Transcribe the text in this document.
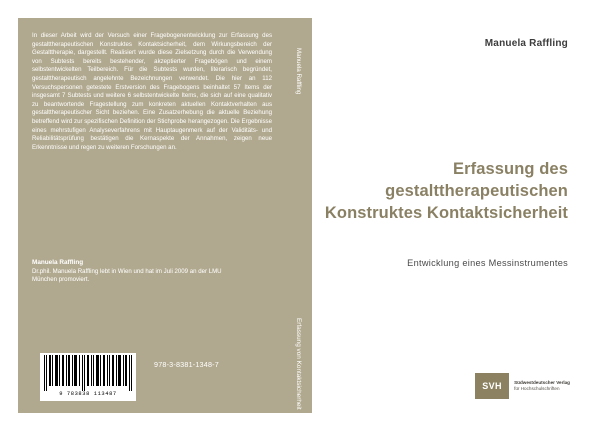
In dieser Arbeit wird der Versuch einer Fragebogenentwicklung zur Erfassung des gestalttherapeutischen Konstruktes Kontaktsicherheit, dem Wirkungsbereich der Gestalttherapie, dargestellt. Realisiert wurde diese Zielsetzung durch die Verwendung von Subtests bereits bestehender, akzeptierter Fragebögen und einem selbstentwickelten Teilbereich. Für die Subtests wurden, literarisch begründet, gestalttherapeutisch angelehnte Bezeichnungen verwendet. Die hier an 112 Versuchspersonen getestete Erstversion des Fragebogens beinhaltet 57 Items der insgesamt 7 Subtests und weitere 6 selbstentwickelte Items, die sich auf eine qualitativ zu beantwortende Fragestellung zum konkreten aktuellen Kontaktverhalten aus gestalttherapeutischer Sicht beziehen. Eine Zusatzerhebung die aktuelle Beziehung betreffend wird zur spezifischen Definition der Stichprobe herangezogen. Die Ergebnisse eines mehrstufigen Analyseverfahrens mit Hauptaugenmerk auf der Validitäts- und Reliabilitätsprüfung bestätigen die Kernaspekte der Annahmen, zeigen neue Erkenntnisse und regen zu weiteren Forschungen an.
Manuela Raffling
Dr.phil. Manuela Raffling lebt in Wien und hat im Juli 2009 an der LMU München promoviert.
978-3-8381-1348-7
9 783838 113487
Manuela Raffling
Erfassung von Kontaktsicherheit
Manuela Raffling
Erfassung des gestalttherapeutischen Konstruktes Kontaktsicherheit
Entwicklung eines Messinstrumentes
SVH	Südwestdeutscher Verlag
für Hochschulschriften
